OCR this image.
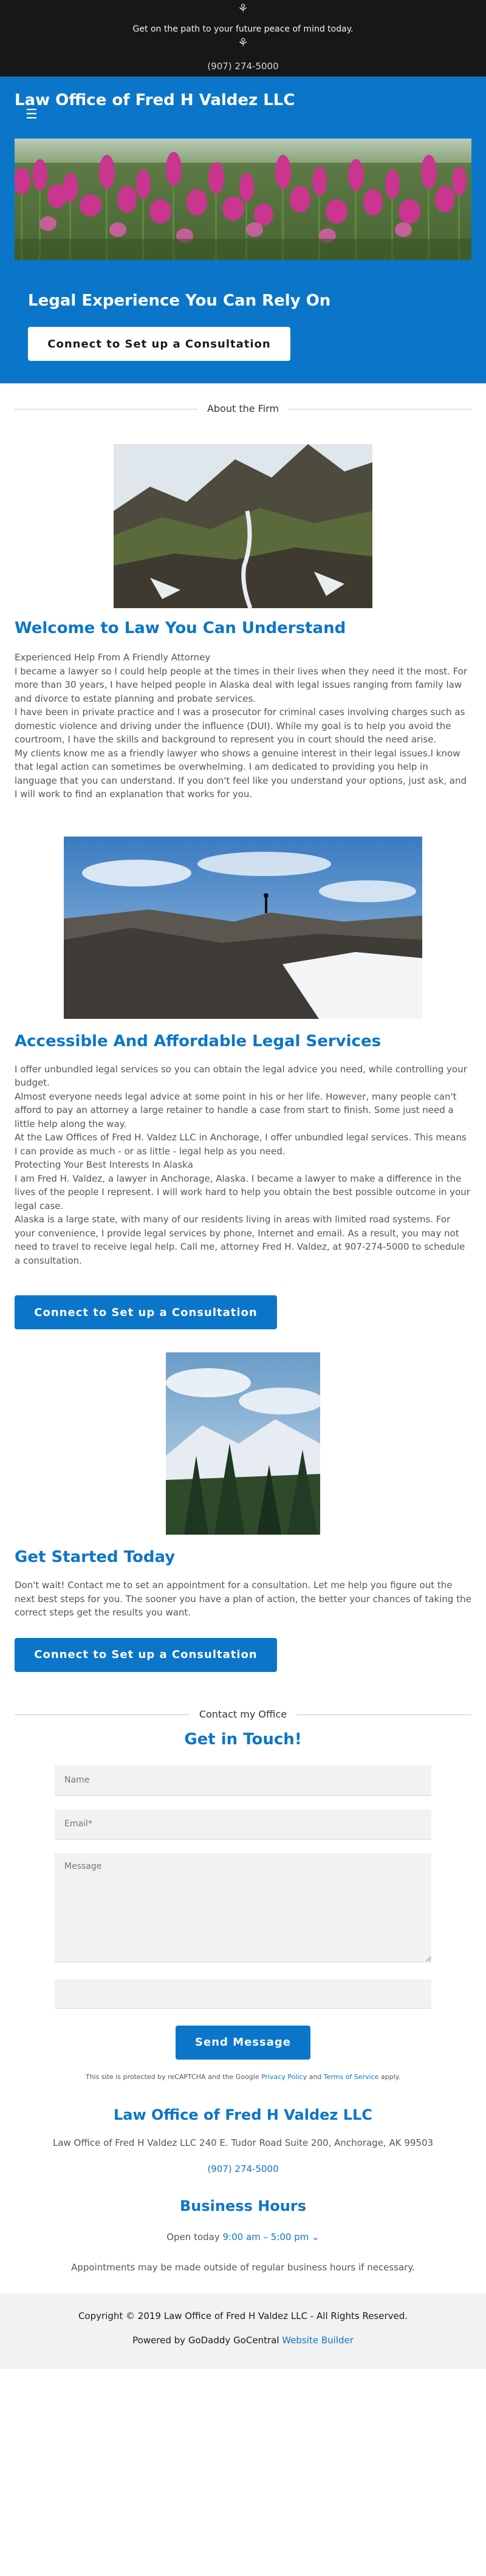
⚘
Get on the path to your future peace of mind today.
⚘
(907) 274-5000
Law Office of Fred H Valdez LLC
☰
Legal Experience You Can Rely On
Connect to Set up a Consultation
About the Firm
Welcome to Law You Can Understand

Experienced Help From A Friendly Attorney

I became a lawyer so I could help people at the times in their lives when they need it the most. For more than 30 years, I have helped people in Alaska deal with legal issues ranging from family law and divorce to estate planning and probate services.

I have been in private practice and I was a prosecutor for criminal cases involving charges such as domestic violence and driving under the influence (DUI). While my goal is to help you avoid the courtroom, I have the skills and background to represent you in court should the need arise.

My clients know me as a friendly lawyer who shows a genuine interest in their legal issues.I know that legal action can sometimes be overwhelming. I am dedicated to providing you help in language that you can understand. If you don't feel like you understand your options, just ask, and I will work to find an explanation that works for you.

Accessible And Affordable Legal Services

I offer unbundled legal services so you can obtain the legal advice you need, while controlling your budget.

Almost everyone needs legal advice at some point in his or her life. However, many people can't afford to pay an attorney a large retainer to handle a case from start to finish. Some just need a little help along the way.

At the Law Offices of Fred H. Valdez LLC in Anchorage, I offer unbundled legal services. This means I can provide as much - or as little - legal help as you need.

Protecting Your Best Interests In Alaska

I am Fred H. Valdez, a lawyer in Anchorage, Alaska. I became a lawyer to make a difference in the lives of the people I represent. I will work hard to help you obtain the best possible outcome in your legal case.

Alaska is a large state, with many of our residents living in areas with limited road systems. For your convenience, I provide legal services by phone, Internet and email. As a result, you may not need to travel to receive legal help. Call me, attorney Fred H. Valdez, at 907-274-5000 to schedule a consultation.

Connect to Set up a Consultation
Get Started Today
Don't wait! Contact me to set an appointment for a consultation. Let me help you figure out the next best steps for you. The sooner you have a plan of action, the better your chances of taking the correct steps get the results you want.
Connect to Set up a Consultation
Contact my Office
Get in Touch!
Name
Email*
Message
Send Message
This site is protected by reCAPTCHA and the Google Privacy Policy and Terms of Service apply.
Law Office of Fred H Valdez LLC
Law Office of Fred H Valdez LLC 240 E. Tudor Road Suite 200, Anchorage, AK 99503
(907) 274-5000
Business Hours
Open today 9:00 am – 5:00 pm ⌄
Appointments may be made outside of regular business hours if necessary.
Copyright © 2019 Law Office of Fred H Valdez LLC - All Rights Reserved.
Powered by GoDaddy GoCentral Website Builder
